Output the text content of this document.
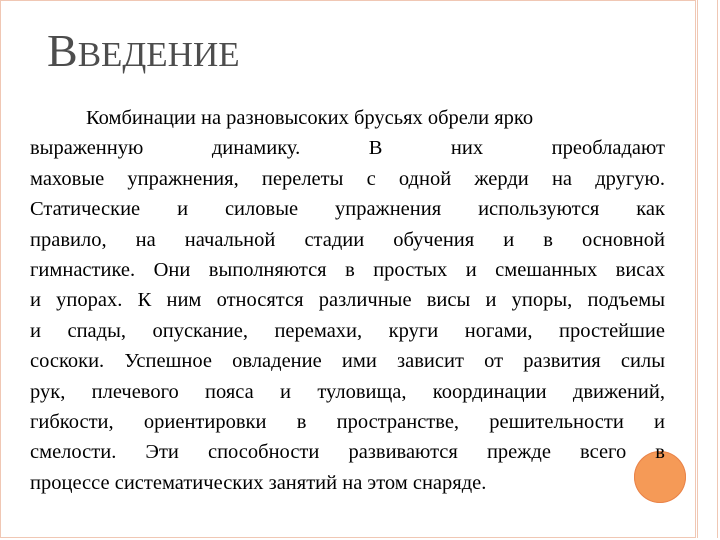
ВВЕДЕНИЕ
Комбинации на разновысоких брусьях обрели ярко
выраженную динамику. В них преобладают
маховые упражнения, перелеты с одной жерди на другую.
Статические и силовые упражнения используются как
правило, на начальной стадии обучения и в основной
гимнастике. Они выполняются в простых и смешанных висах
и упорах. К ним относятся различные висы и упоры, подъемы
и спады, опускание, перемахи, круги ногами, простейшие
соскоки. Успешное овладение ими зависит от развития силы
рук, плечевого пояса и туловища, координации движений,
гибкости, ориентировки в пространстве, решительности и
смелости. Эти способности развиваются прежде всего в
процессе систематических занятий на этом снаряде.
